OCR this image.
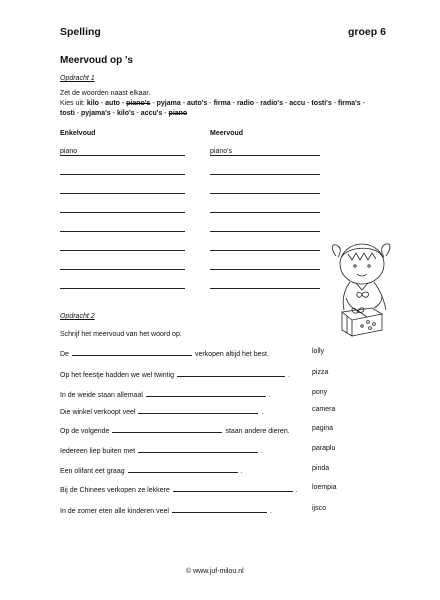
Spelling	groep 6
Meervoud op 's
Opdracht 1
Zet de woorden naast elkaar.
Kies uit: kilo - auto - piano's - pyjama - auto's - firma - radio - radio's - accu - tosti's - firma's - tosti - pyjama's - kilo's - accu's - piano
Enkelvoud	Meervoud
piano	piano's
Opdracht 2
Schrijf het meervoud van het woord op.
De	verkopen altijd het best.	lolly
Op het feestje hadden we wel twintig	.	pizza
In de weide staan allemaal	.	pony
Die winkel verkoopt veel	.	camera
Op de volgende	staan andere dieren.	pagina
Iedereen liep buiten met	.	paraplu
Een olifant eet graag	.	pinda
Bij de Chinees verkopen ze lekkere	. loempia
In de zomer eten alle kinderen veel	.	ijsco
© www.juf-milou.nl
